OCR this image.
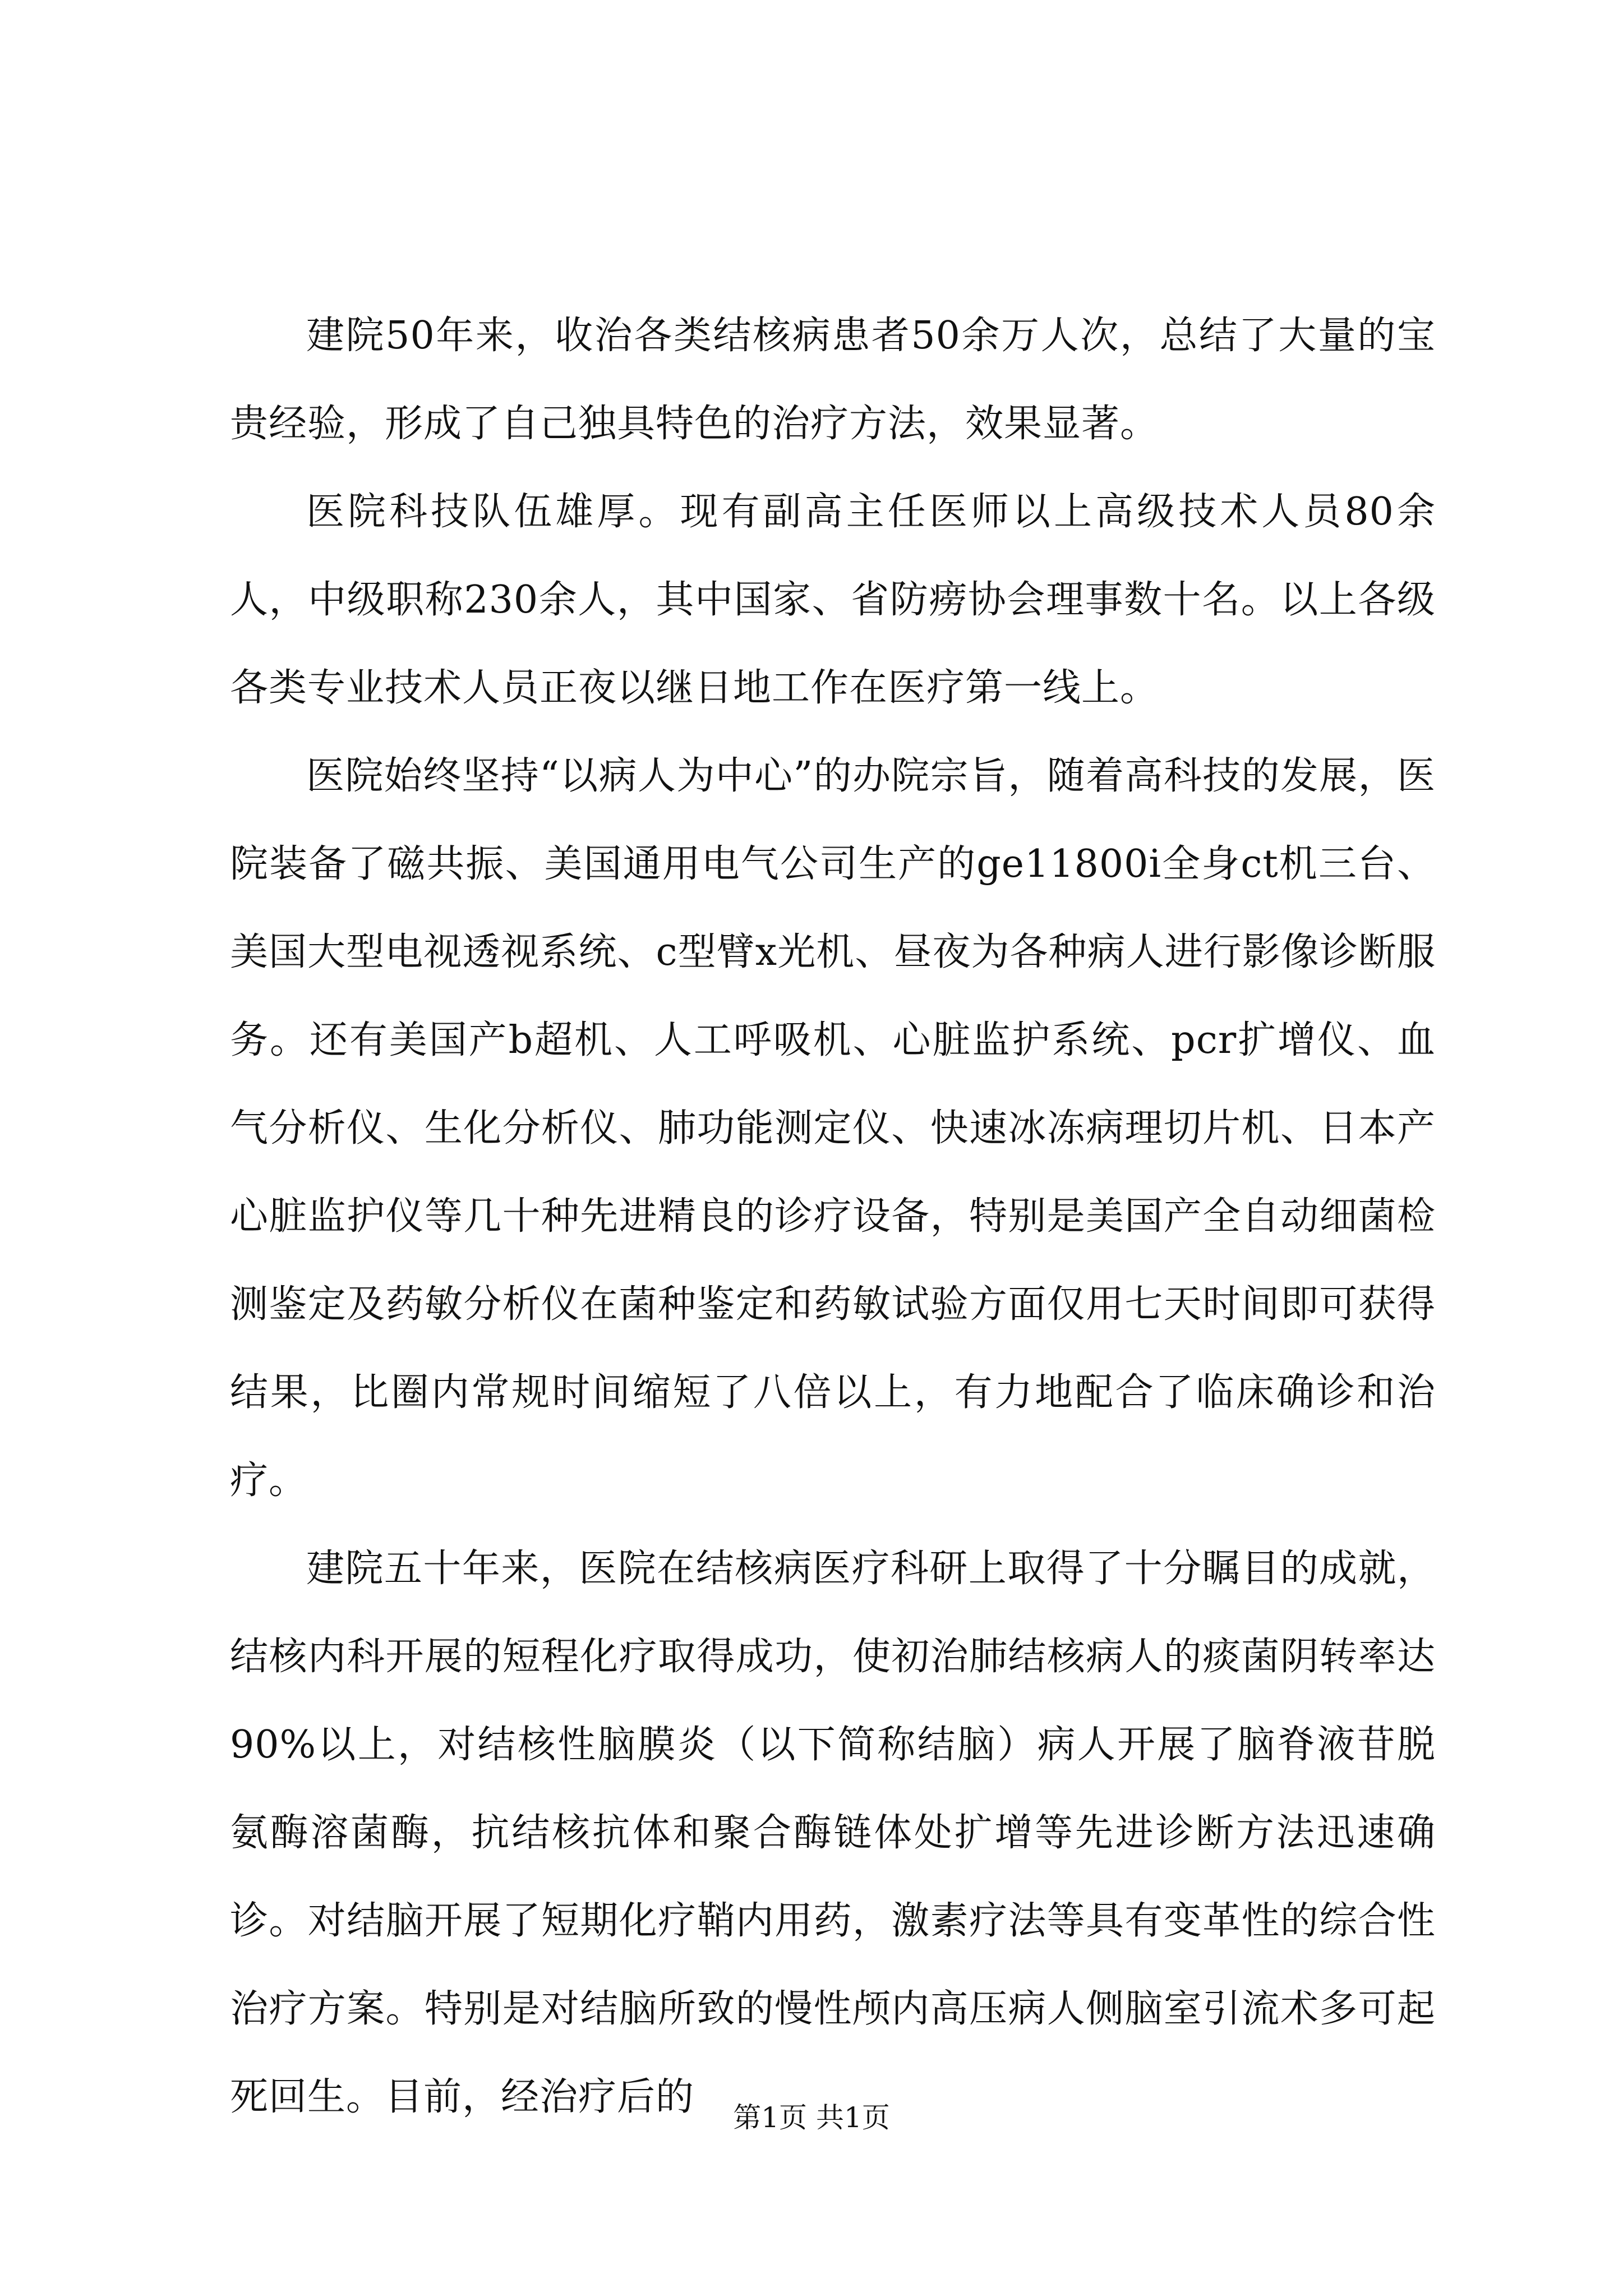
建院50年来，收治各类结核病患者50余万人次，总结了大量的宝贵经验，形成了自己独具特色的治疗方法，效果显著。

医院科技队伍雄厚。现有副高主任医师以上高级技术人员80余人，中级职称230余人，其中国家、省防痨协会理事数十名。以上各级各类专业技术人员正夜以继日地工作在医疗第一线上。

医院始终坚持“以病人为中心”的办院宗旨，随着高科技的发展，医院装备了磁共振、美国通用电气公司生产的ge11800i全身ct机三台、美国大型电视透视系统、c型臂x光机、昼夜为各种病人进行影像诊断服务。还有美国产b超机、人工呼吸机、心脏监护系统、pcr扩增仪、血气分析仪、生化分析仪、肺功能测定仪、快速冰冻病理切片机、日本产心脏监护仪等几十种先进精良的诊疗设备，特别是美国产全自动细菌检测鉴定及药敏分析仪在菌种鉴定和药敏试验方面仅用七天时间即可获得结果，比圈内常规时间缩短了八倍以上，有力地配合了临床确诊和治疗。

建院五十年来，医院在结核病医疗科研上取得了十分瞩目的成就，结核内科开展的短程化疗取得成功，使初治肺结核病人的痰菌阴转率达90%以上，对结核性脑膜炎（以下简称结脑）病人开展了脑脊液苷脱氨酶溶菌酶，抗结核抗体和聚合酶链体处扩增等先进诊断方法迅速确诊。对结脑开展了短期化疗鞘内用药，激素疗法等具有变革性的综合性治疗方案。特别是对结脑所致的慢性颅内高压病人侧脑室引流术多可起死回生。目前，经治疗后的	第1页 共1页
